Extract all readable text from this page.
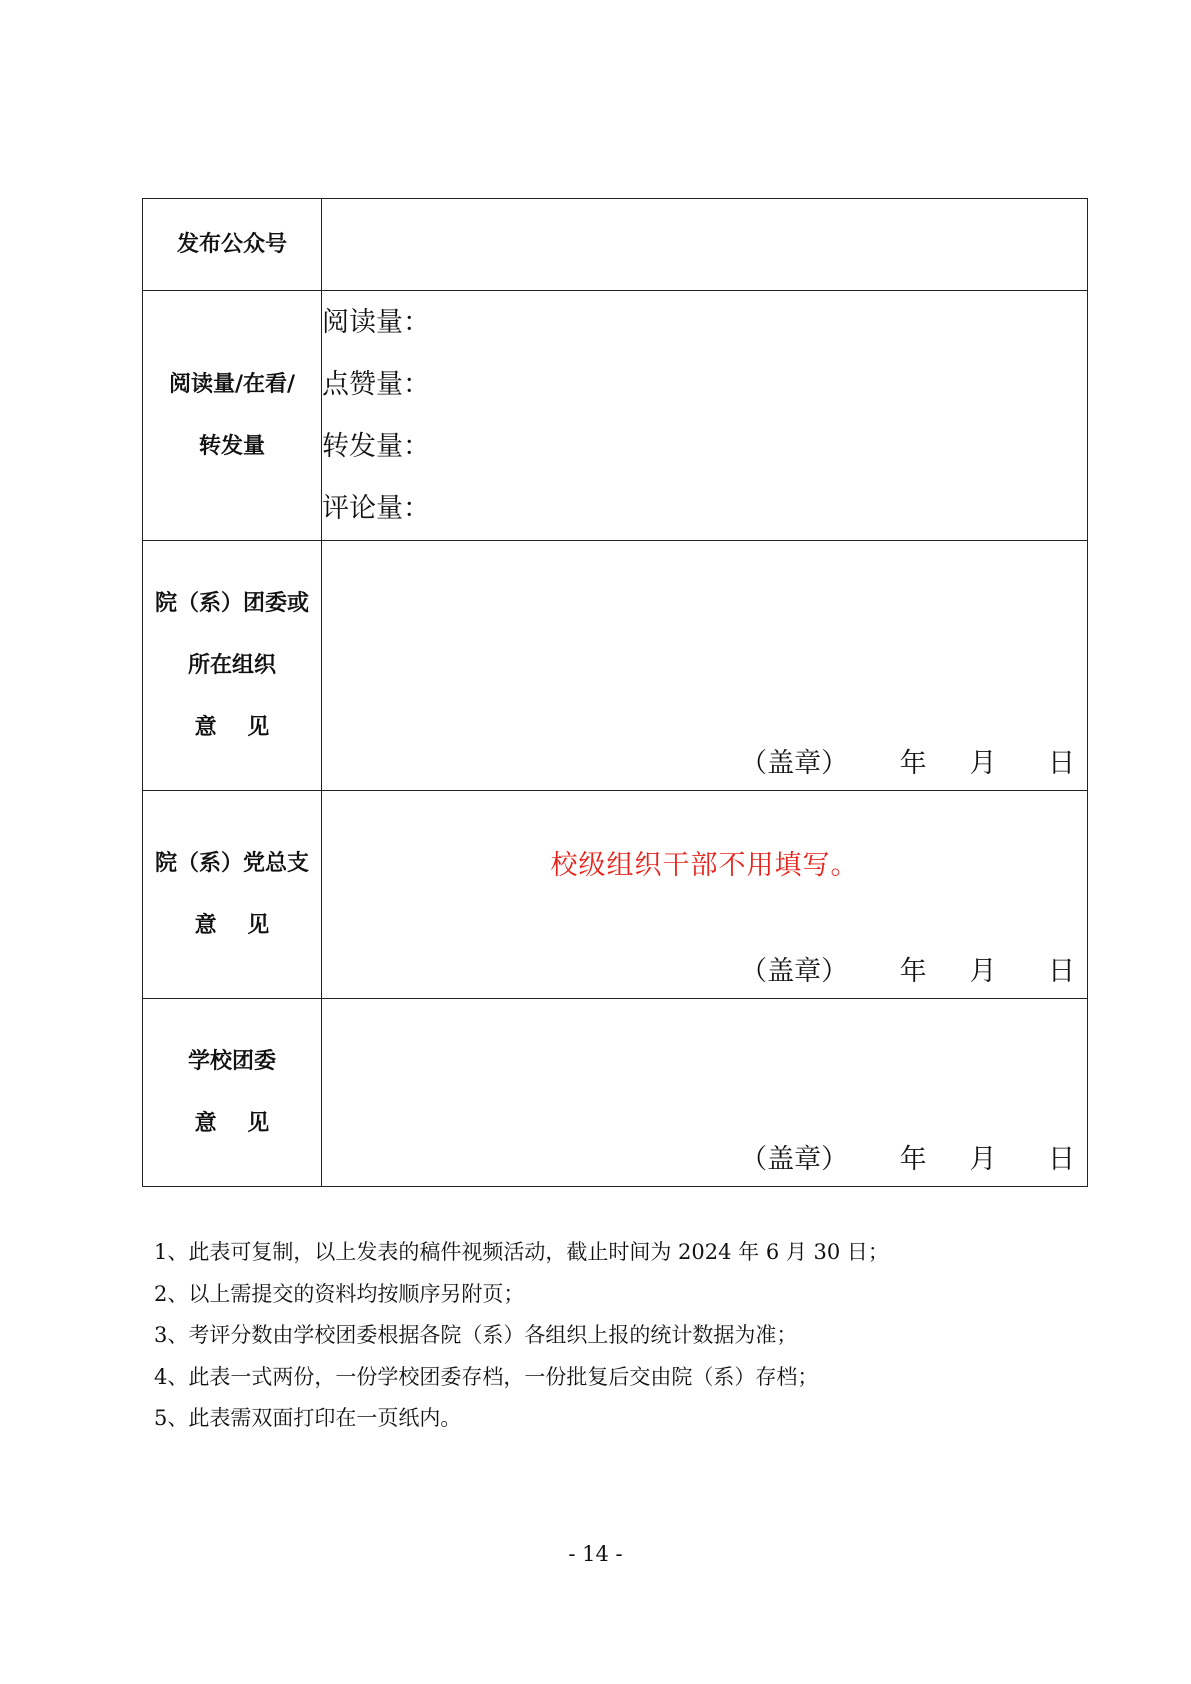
发布公众号	

阅读量/在看/
转发量	阅读量：
点赞量：
转发量：
评论量：

院（系）团委或
所在组织
意    见	（盖章）      年     月      日

院（系）党总支
意    见	校级组织干部不用填写。
（盖章）      年     月      日

学校团委
意    见	（盖章）      年     月      日
1、此表可复制，以上发表的稿件视频活动，截止时间为 2024 年 6 月 30 日；
2、以上需提交的资料均按顺序另附页；
3、考评分数由学校团委根据各院（系）各组织上报的统计数据为准；
4、此表一式两份，一份学校团委存档，一份批复后交由院（系）存档；
5、此表需双面打印在一页纸内。
- 14 -
